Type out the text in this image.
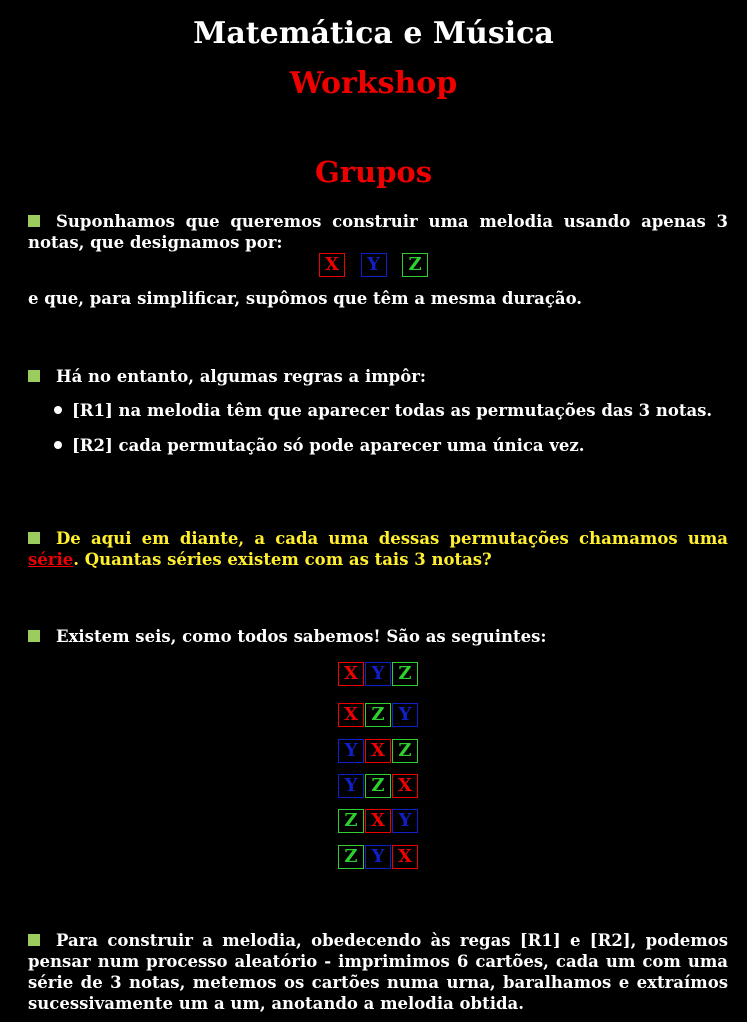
Matemática e Música
Workshop
Grupos
Suponhamos que queremos construir uma melodia usando apenas 3 notas, que designamos por:
X Y Z
e que, para simplificar, supômos que têm a mesma duração.
Há no entanto, algumas regras a impôr:
[R1] na melodia têm que aparecer todas as permutações das 3 notas.
[R2] cada permutação só pode aparecer uma única vez.
De aqui em diante, a cada uma dessas permutações chamamos uma série. Quantas séries existem com as tais 3 notas?
Existem seis, como todos sabemos! São as seguintes:
X Y Z
X Z Y
Y X Z
Y Z X
Z X Y
Z Y X
Para construir a melodia, obedecendo às regas [R1] e [R2], podemos pensar num processo aleatório - imprimimos 6 cartões, cada um com uma série de 3 notas, metemos os cartões numa urna, baralhamos e extraímos sucessivamente um a um, anotando a melodia obtida.
